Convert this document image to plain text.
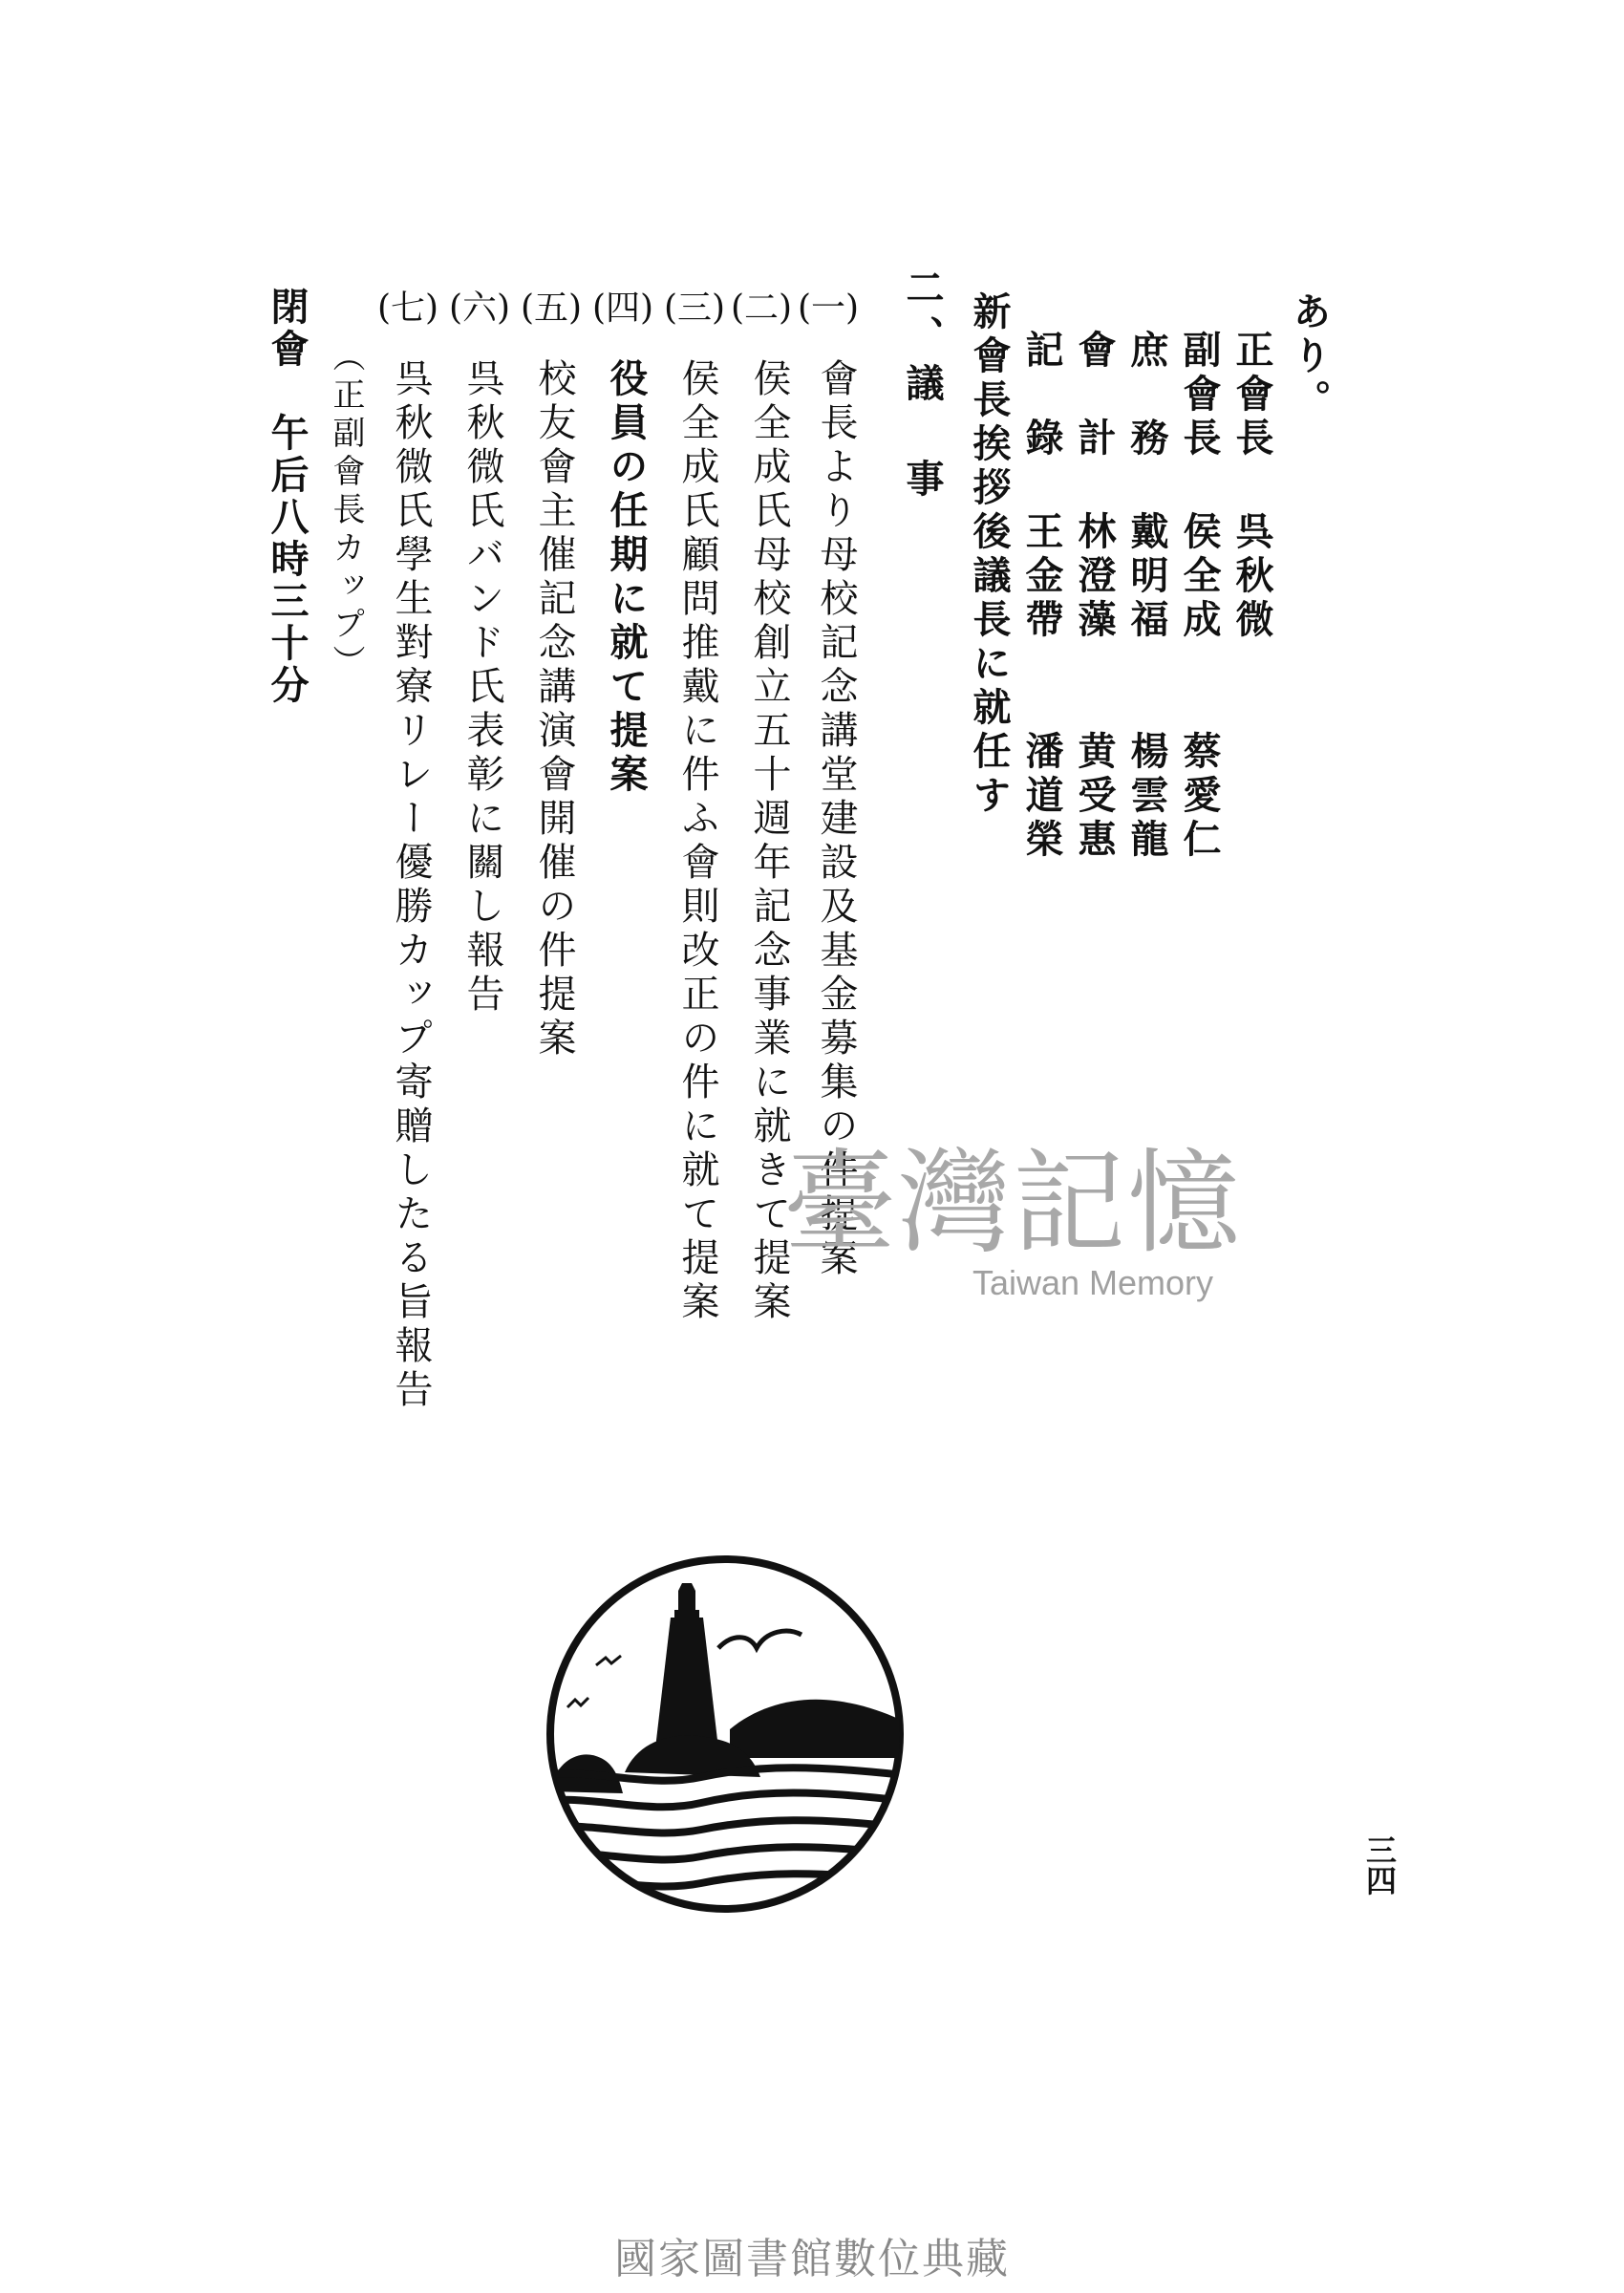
あり。
正會長
呉秋微
副會長
侯全成　　蔡愛仁
庶　務
戴明福　　楊雲龍
會　計
林澄藻　　黄受惠
記　錄
王金帶　　潘道榮
新會長挨拶後議長に就任す
二、議　事
(一)
(二)
(三)
(四)
(五)
(六)
(七)
會長より母校記念講堂建設及基金募集の件提案
侯全成氏母校創立五十週年記念事業に就きて提案
侯全成氏顧問推戴に件ふ會則改正の件に就て提案
役員の任期に就て提案
校友會主催記念講演會開催の件提案
呉秋微氏バンド氏表彰に關し報告
呉秋微氏學生對寮リレー優勝カップ寄贈したる旨報告
（正副會長カップ）
閉會　午后八時三十分
臺灣記憶
Taiwan Memory
三四
國家圖書館數位典藏
